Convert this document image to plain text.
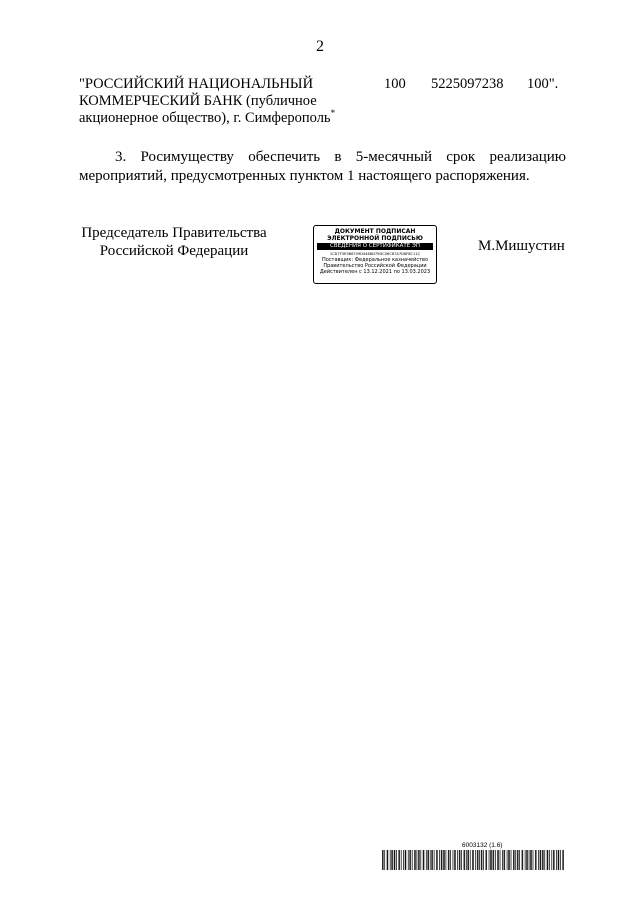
2
"РОССИЙСКИЙ НАЦИОНАЛЬНЫЙ
КОММЕРЧЕСКИЙ БАНК (публичное
акционерное общество), г. Симферополь*
100 5225097238 100".
3. Росимуществу обеспечить в 5-месячный срок реализацию мероприятий, предусмотренных пунктом 1 настоящего распоряжения.
Председатель Правительства
Российской Федерации
ДОКУМЕНТ ПОДПИСАН
ЭЛЕКТРОННОЙ ПОДПИСЬЮ
СВЕДЕНИЯ О СЕРТИФИКАТЕ ЭП
1CD7F3E9B8709D4468D79DC06C87A7D8F8C11C
Поставщик: Федеральное казначейство
Правительство Российской Федерации
Действителен с 13.12.2021 по 13.03.2023
М.Мишустин
6003132 (1.6)
